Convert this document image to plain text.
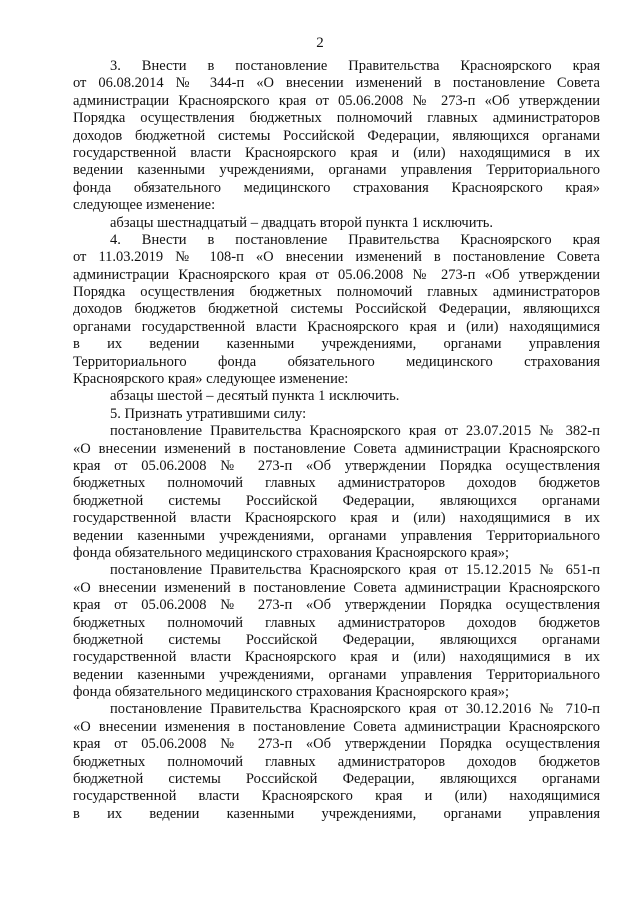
2
3. Внести в постановление Правительства Красноярского края
от 06.08.2014 № 344-п «О внесении изменений в постановление Совета
администрации Красноярского края от 05.06.2008 № 273-п «Об утверждении
Порядка осуществления бюджетных полномочий главных администраторов
доходов бюджетной системы Российской Федерации, являющихся органами
государственной власти Красноярского края и (или) находящимися в их
ведении казенными учреждениями, органами управления Территориального
фонда обязательного медицинского страхования Красноярского края»
следующее изменение:
абзацы шестнадцатый – двадцать второй пункта 1 исключить.
4. Внести в постановление Правительства Красноярского края
от 11.03.2019 № 108-п «О внесении изменений в постановление Совета
администрации Красноярского края от 05.06.2008 № 273-п «Об утверждении
Порядка осуществления бюджетных полномочий главных администраторов
доходов бюджетов бюджетной системы Российской Федерации, являющихся
органами государственной власти Красноярского края и (или) находящимися
в их ведении казенными учреждениями, органами управления
Территориального фонда обязательного медицинского страхования
Красноярского края» следующее изменение:
абзацы шестой – десятый пункта 1 исключить.
5. Признать утратившими силу:
постановление Правительства Красноярского края от 23.07.2015 № 382-п
«О внесении изменений в постановление Совета администрации Красноярского
края от 05.06.2008 № 273-п «Об утверждении Порядка осуществления
бюджетных полномочий главных администраторов доходов бюджетов
бюджетной системы Российской Федерации, являющихся органами
государственной власти Красноярского края и (или) находящимися в их
ведении казенными учреждениями, органами управления Территориального
фонда обязательного медицинского страхования Красноярского края»;
постановление Правительства Красноярского края от 15.12.2015 № 651-п
«О внесении изменений в постановление Совета администрации Красноярского
края от 05.06.2008 № 273-п «Об утверждении Порядка осуществления
бюджетных полномочий главных администраторов доходов бюджетов
бюджетной системы Российской Федерации, являющихся органами
государственной власти Красноярского края и (или) находящимися в их
ведении казенными учреждениями, органами управления Территориального
фонда обязательного медицинского страхования Красноярского края»;
постановление Правительства Красноярского края от 30.12.2016 № 710-п
«О внесении изменения в постановление Совета администрации Красноярского
края от 05.06.2008 № 273-п «Об утверждении Порядка осуществления
бюджетных полномочий главных администраторов доходов бюджетов
бюджетной системы Российской Федерации, являющихся органами
государственной власти Красноярского края и (или) находящимися
в их ведении казенными учреждениями, органами управления
